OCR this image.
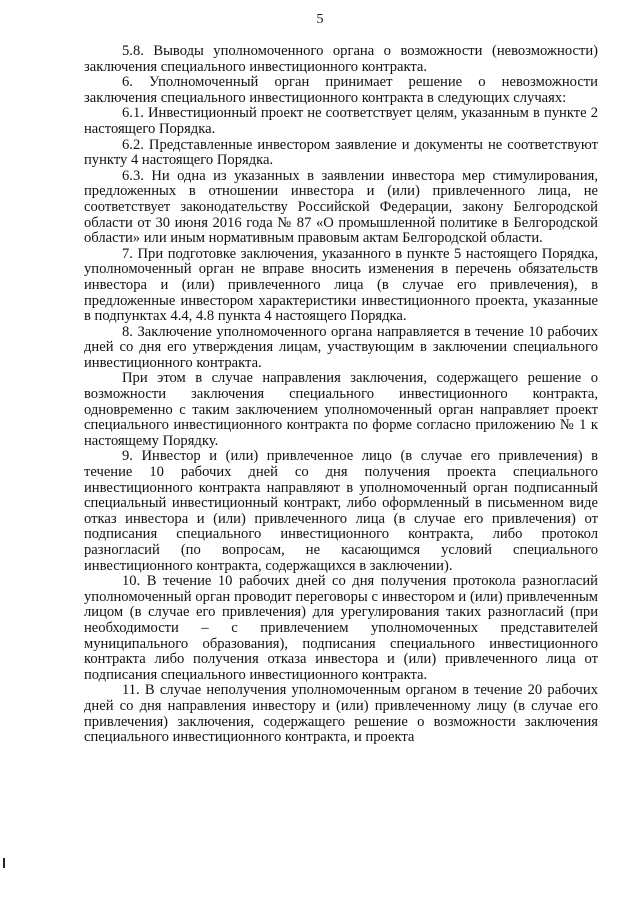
5

5.8. Выводы уполномоченного органа о возможности (невозможности) заключения специального инвестиционного контракта.

6. Уполномоченный орган принимает решение о невозможности заключения специального инвестиционного контракта в следующих случаях:

6.1. Инвестиционный проект не соответствует целям, указанным в пункте 2 настоящего Порядка.

6.2. Представленные инвестором заявление и документы не соответствуют пункту 4 настоящего Порядка.

6.3. Ни одна из указанных в заявлении инвестора мер стимулирования, предложенных в отношении инвестора и (или) привлеченного лица, не соответствует законодательству Российской Федерации, закону Белгородской области от 30 июня 2016 года № 87 «О промышленной политике в Белгородской области» или иным нормативным правовым актам Белгородской области.

7. При подготовке заключения, указанного в пункте 5 настоящего Порядка, уполномоченный орган не вправе вносить изменения в перечень обязательств инвестора и (или) привлеченного лица (в случае его привлечения), в предложенные инвестором характеристики инвестиционного проекта, указанные в подпунктах 4.4, 4.8 пункта 4 настоящего Порядка.

8. Заключение уполномоченного органа направляется в течение 10 рабочих дней со дня его утверждения лицам, участвующим в заключении специального инвестиционного контракта.

При этом в случае направления заключения, содержащего решение о возможности заключения специального инвестиционного контракта, одновременно с таким заключением уполномоченный орган направляет проект специального инвестиционного контракта по форме согласно приложению № 1 к настоящему Порядку.

9. Инвестор и (или) привлеченное лицо (в случае его привлечения) в течение 10 рабочих дней со дня получения проекта специального инвестиционного контракта направляют в уполномоченный орган подписанный специальный инвестиционный контракт, либо оформленный в письменном виде отказ инвестора и (или) привлеченного лица (в случае его привлечения) от подписания специального инвестиционного контракта, либо протокол разногласий (по вопросам, не касающимся условий специального инвестиционного контракта, содержащихся в заключении).

10. В течение 10 рабочих дней со дня получения протокола разногласий уполномоченный орган проводит переговоры с инвестором и (или) привлеченным лицом (в случае его привлечения) для урегулирования таких разногласий (при необходимости – с привлечением уполномоченных представителей муниципального образования), подписания специального инвестиционного контракта либо получения отказа инвестора и (или) привлеченного лица от подписания специального инвестиционного контракта.

11. В случае неполучения уполномоченным органом в течение 20 рабочих дней со дня направления инвестору и (или) привлеченному лицу (в случае его привлечения) заключения, содержащего решение о возможности заключения специального инвестиционного контракта, и проекта
